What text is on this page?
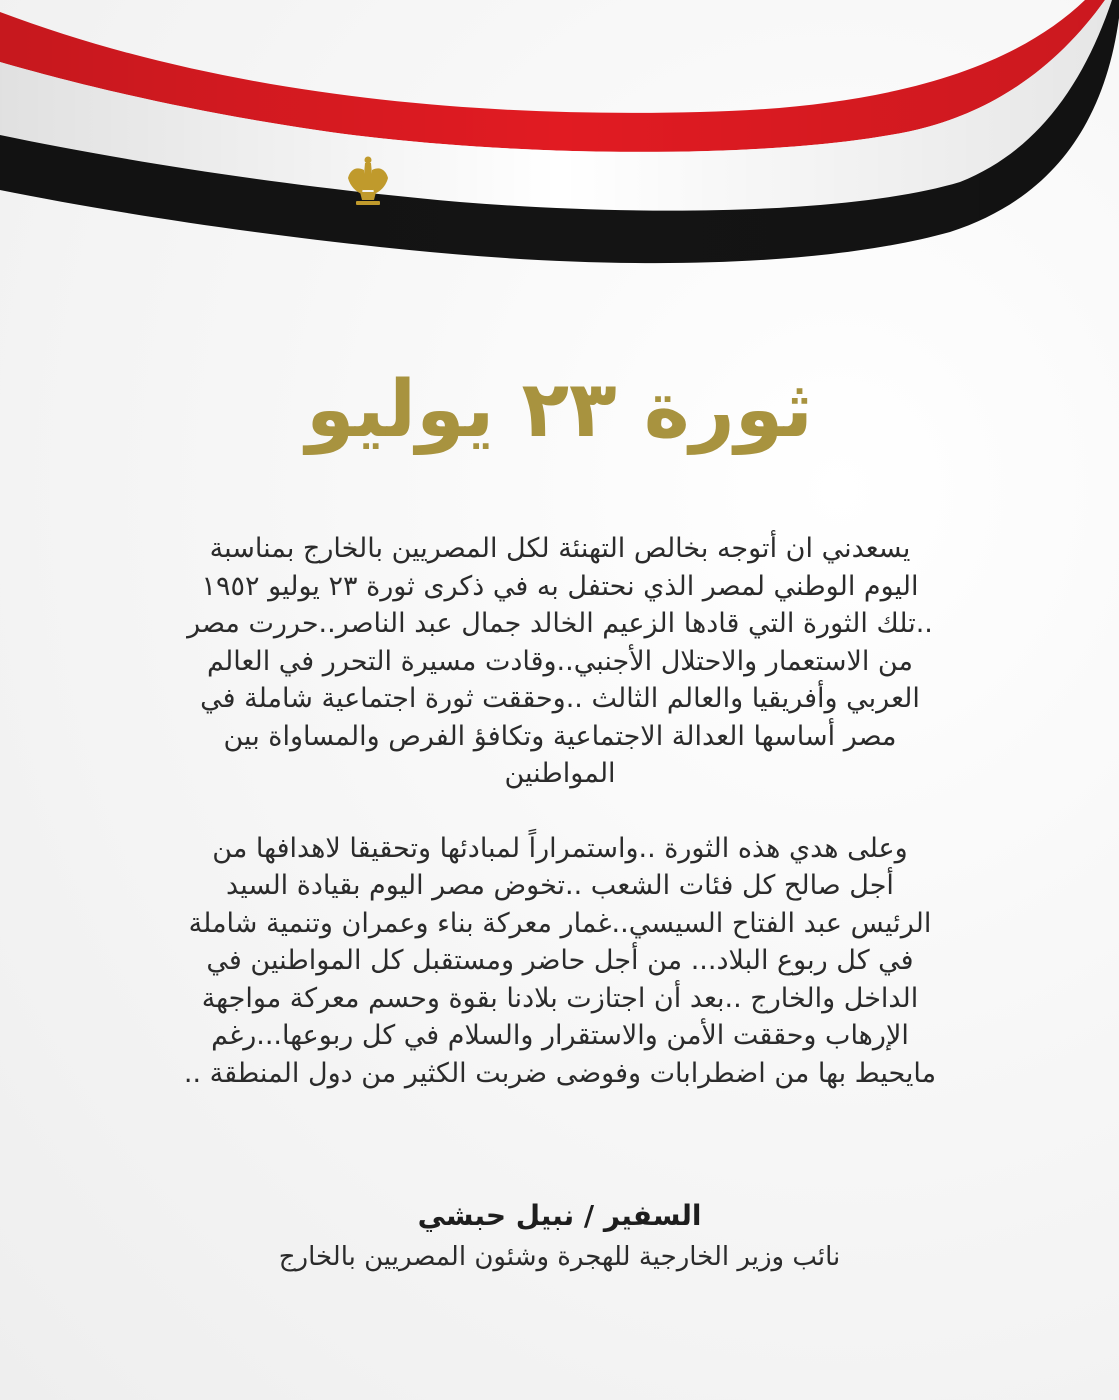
ثورة ٢٣ يوليو

يسعدني ان أتوجه بخالص التهنئة لكل المصريين بالخارج بمناسبة
اليوم الوطني لمصر الذي نحتفل به في ذكرى ثورة ٢٣ يوليو ١٩٥٢
..تلك الثورة التي قادها الزعيم الخالد جمال عبد الناصر..حررت مصر
من الاستعمار والاحتلال الأجنبي..وقادت مسيرة التحرر في العالم
العربي وأفريقيا والعالم الثالث ..وحققت ثورة اجتماعية شاملة في
مصر أساسها العدالة الاجتماعية وتكافؤ الفرص والمساواة بين
المواطنين

وعلى هدي هذه الثورة ..واستمراراً لمبادئها وتحقيقا لاهدافها من
أجل صالح كل فئات الشعب ..تخوض مصر اليوم بقيادة السيد
الرئيس عبد الفتاح السيسي..غمار معركة بناء وعمران وتنمية شاملة
في كل ربوع البلاد... من أجل حاضر ومستقبل كل المواطنين في
الداخل والخارج ..بعد أن اجتازت بلادنا بقوة وحسم معركة مواجهة
الإرهاب وحققت الأمن والاستقرار والسلام في كل ربوعها...رغم
مايحيط بها من اضطرابات وفوضى ضربت الكثير من دول المنطقة ..

السفير / نبيل حبشي
نائب وزير الخارجية للهجرة وشئون المصريين بالخارج
